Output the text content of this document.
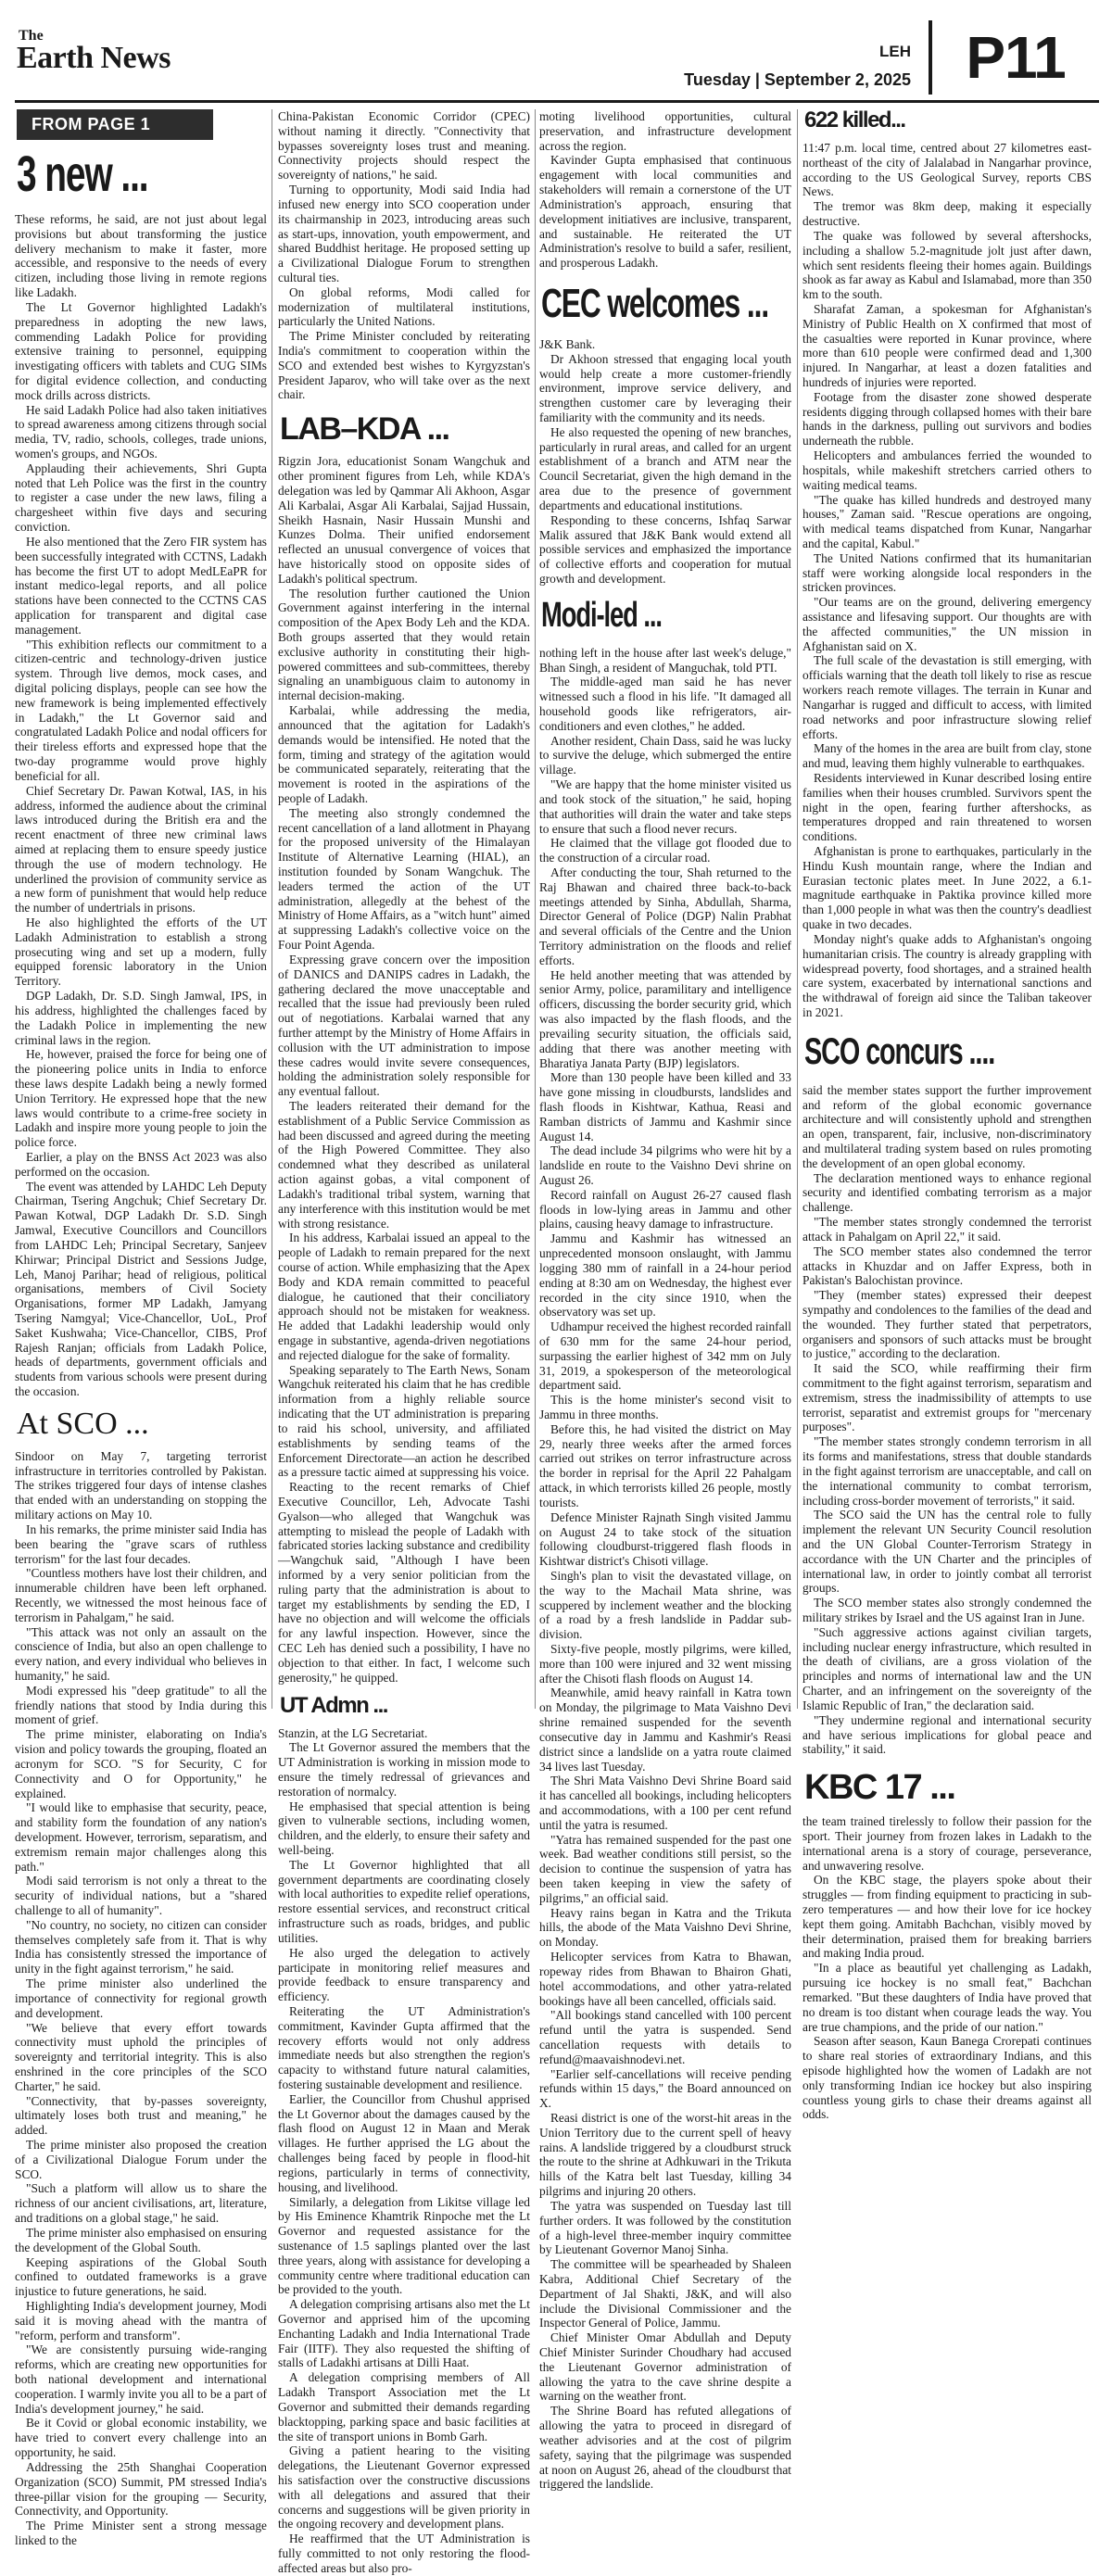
The
Earth News	LEH
Tuesday | September 2, 2025 P11
FROM PAGE 1
3 new ...

These reforms, he said, are not just about legal provisions but about transforming the justice delivery mechanism to make it faster, more accessible, and responsive to the needs of every citizen, including those living in remote regions like Ladakh.

The Lt Governor highlighted Ladakh's preparedness in adopting the new laws, commending Ladakh Police for providing extensive training to personnel, equipping investigating officers with tablets and CUG SIMs for digital evidence collection, and conducting mock drills across districts.

He said Ladakh Police had also taken initiatives to spread awareness among citizens through social media, TV, radio, schools, colleges, trade unions, women's groups, and NGOs.

Applauding their achievements, Shri Gupta noted that Leh Police was the first in the country to register a case under the new laws, filing a chargesheet within five days and securing conviction.

He also mentioned that the Zero FIR system has been successfully integrated with CCTNS, Ladakh has become the first UT to adopt MedLEaPR for instant medico-legal reports, and all police stations have been connected to the CCTNS CAS application for transparent and digital case management.

"This exhibition reflects our commitment to a citizen-centric and technology-driven justice system. Through live demos, mock cases, and digital policing displays, people can see how the new framework is being implemented effectively in Ladakh," the Lt Governor said and congratulated Ladakh Police and nodal officers for their tireless efforts and expressed hope that the two-day programme would prove highly beneficial for all.

Chief Secretary Dr. Pawan Kotwal, IAS, in his address, informed the audience about the criminal laws introduced during the British era and the recent enactment of three new criminal laws aimed at replacing them to ensure speedy justice through the use of modern technology. He underlined the provision of community service as a new form of punishment that would help reduce the number of undertrials in prisons.

He also highlighted the efforts of the UT Ladakh Administration to establish a strong prosecuting wing and set up a modern, fully equipped forensic laboratory in the Union Territory.

DGP Ladakh, Dr. S.D. Singh Jamwal, IPS, in his address, highlighted the challenges faced by the Ladakh Police in implementing the new criminal laws in the region.

He, however, praised the force for being one of the pioneering police units in India to enforce these laws despite Ladakh being a newly formed Union Territory. He expressed hope that the new laws would contribute to a crime-free society in Ladakh and inspire more young people to join the police force.

Earlier, a play on the BNSS Act 2023 was also performed on the occasion.

The event was attended by LAHDC Leh Deputy Chairman, Tsering Angchuk; Chief Secretary Dr. Pawan Kotwal, DGP Ladakh Dr. S.D. Singh Jamwal, Executive Councillors and Councillors from LAHDC Leh; Principal Secretary, Sanjeev Khirwar; Principal District and Sessions Judge, Leh, Manoj Parihar; head of religious, political organisations, members of Civil Society Organisations, former MP Ladakh, Jamyang Tsering Namgyal; Vice-Chancellor, UoL, Prof Saket Kushwaha; Vice-Chancellor, CIBS, Prof Rajesh Ranjan; officials from Ladakh Police, heads of departments, government officials and students from various schools were present during the occasion.

At SCO ...

Sindoor on May 7, targeting terrorist infrastructure in territories controlled by Pakistan. The strikes triggered four days of intense clashes that ended with an understanding on stopping the military actions on May 10.

In his remarks, the prime minister said India has been bearing the "grave scars of ruthless terrorism" for the last four decades.

"Countless mothers have lost their children, and innumerable children have been left orphaned. Recently, we witnessed the most heinous face of terrorism in Pahalgam," he said.

"This attack was not only an assault on the conscience of India, but also an open challenge to every nation, and every individual who believes in humanity," he said.

Modi expressed his "deep gratitude" to all the friendly nations that stood by India during this moment of grief.

The prime minister, elaborating on India's vision and policy towards the grouping, floated an acronym for SCO. "S for Security, C for Connectivity and O for Opportunity," he explained.

"I would like to emphasise that security, peace, and stability form the foundation of any nation's development. However, terrorism, separatism, and extremism remain major challenges along this path."

Modi said terrorism is not only a threat to the security of individual nations, but a "shared challenge to all of humanity".

"No country, no society, no citizen can consider themselves completely safe from it. That is why India has consistently stressed the importance of unity in the fight against terrorism," he said.

The prime minister also underlined the importance of connectivity for regional growth and development.

"We believe that every effort towards connectivity must uphold the principles of sovereignty and territorial integrity. This is also enshrined in the core principles of the SCO Charter," he said.

"Connectivity, that by-passes sovereignty, ultimately loses both trust and meaning," he added.

The prime minister also proposed the creation of a Civilizational Dialogue Forum under the SCO.

"Such a platform will allow us to share the richness of our ancient civilisations, art, literature, and traditions on a global stage," he said.

The prime minister also emphasised on ensuring the development of the Global South.

Keeping aspirations of the Global South confined to outdated frameworks is a grave injustice to future generations, he said.

Highlighting India's development journey, Modi said it is moving ahead with the mantra of "reform, perform and transform".

"We are consistently pursuing wide-ranging reforms, which are creating new opportunities for both national development and international cooperation. I warmly invite you all to be a part of India's development journey," he said.

Be it Covid or global economic instability, we have tried to convert every challenge into an opportunity, he said.

Addressing the 25th Shanghai Cooperation Organization (SCO) Summit, PM stressed India's three-pillar vision for the grouping — Security, Connectivity, and Opportunity.

The Prime Minister sent a strong message linked to the

China-Pakistan Economic Corridor (CPEC) without naming it directly. "Connectivity that bypasses sovereignty loses trust and meaning. Connectivity projects should respect the sovereignty of nations," he said.

Turning to opportunity, Modi said India had infused new energy into SCO cooperation under its chairmanship in 2023, introducing areas such as start-ups, innovation, youth empowerment, and shared Buddhist heritage. He proposed setting up a Civilizational Dialogue Forum to strengthen cultural ties.

On global reforms, Modi called for modernization of multilateral institutions, particularly the United Nations.

The Prime Minister concluded by reiterating India's commitment to cooperation within the SCO and extended best wishes to Kyrgyzstan's President Japarov, who will take over as the next chair.

LAB–KDA ...

Rigzin Jora, educationist Sonam Wangchuk and other prominent figures from Leh, while KDA's delegation was led by Qammar Ali Akhoon, Asgar Ali Karbalai, Asgar Ali Karbalai, Sajjad Hussain, Sheikh Hasnain, Nasir Hussain Munshi and Kunzes Dolma. Their unified endorsement reflected an unusual convergence of voices that have historically stood on opposite sides of Ladakh's political spectrum.

The resolution further cautioned the Union Government against interfering in the internal composition of the Apex Body Leh and the KDA. Both groups asserted that they would retain exclusive authority in constituting their high-powered committees and sub-committees, thereby signaling an unambiguous claim to autonomy in internal decision-making.

Karbalai, while addressing the media, announced that the agitation for Ladakh's demands would be intensified. He noted that the form, timing and strategy of the agitation would be communicated separately, reiterating that the movement is rooted in the aspirations of the people of Ladakh.

The meeting also strongly condemned the recent cancellation of a land allotment in Phayang for the proposed university of the Himalayan Institute of Alternative Learning (HIAL), an institution founded by Sonam Wangchuk. The leaders termed the action of the UT administration, allegedly at the behest of the Ministry of Home Affairs, as a "witch hunt" aimed at suppressing Ladakh's collective voice on the Four Point Agenda.

Expressing grave concern over the imposition of DANICS and DANIPS cadres in Ladakh, the gathering declared the move unacceptable and recalled that the issue had previously been ruled out of negotiations. Karbalai warned that any further attempt by the Ministry of Home Affairs in collusion with the UT administration to impose these cadres would invite severe consequences, holding the administration solely responsible for any eventual fallout.

The leaders reiterated their demand for the establishment of a Public Service Commission as had been discussed and agreed during the meeting of the High Powered Committee. They also condemned what they described as unilateral action against gobas, a vital component of Ladakh's traditional tribal system, warning that any interference with this institution would be met with strong resistance.

In his address, Karbalai issued an appeal to the people of Ladakh to remain prepared for the next course of action. While emphasizing that the Apex Body and KDA remain committed to peaceful dialogue, he cautioned that their conciliatory approach should not be mistaken for weakness. He added that Ladakhi leadership would only engage in substantive, agenda-driven negotiations and rejected dialogue for the sake of formality.

Speaking separately to The Earth News, Sonam Wangchuk reiterated his claim that he has credible information from a highly reliable source indicating that the UT administration is preparing to raid his school, university, and affiliated establishments by sending teams of the Enforcement Directorate—an action he described as a pressure tactic aimed at suppressing his voice.

Reacting to the recent remarks of Chief Executive Councillor, Leh, Advocate Tashi Gyalson—who alleged that Wangchuk was attempting to mislead the people of Ladakh with fabricated stories lacking substance and credibility—Wangchuk said, "Although I have been informed by a very senior politician from the ruling party that the administration is about to target my establishments by sending the ED, I have no objection and will welcome the officials for any lawful inspection. However, since the CEC Leh has denied such a possibility, I have no objection to that either. In fact, I welcome such generosity," he quipped.

UT Admn ...

Stanzin, at the LG Secretariat.

The Lt Governor assured the members that the UT Administration is working in mission mode to ensure the timely redressal of grievances and restoration of normalcy.

He emphasised that special attention is being given to vulnerable sections, including women, children, and the elderly, to ensure their safety and well-being.

The Lt Governor highlighted that all government departments are coordinating closely with local authorities to expedite relief operations, restore essential services, and reconstruct critical infrastructure such as roads, bridges, and public utilities.

He also urged the delegation to actively participate in monitoring relief measures and provide feedback to ensure transparency and efficiency.

Reiterating the UT Administration's commitment, Kavinder Gupta affirmed that the recovery efforts would not only address immediate needs but also strengthen the region's capacity to withstand future natural calamities, fostering sustainable development and resilience.

Earlier, the Councillor from Chushul apprised the Lt Governor about the damages caused by the flash flood on August 12 in Maan and Merak villages. He further apprised the LG about the challenges being faced by people in flood-hit regions, particularly in terms of connectivity, housing, and livelihood.

Similarly, a delegation from Likitse village led by His Eminence Khamtrik Rinpoche met the Lt Governor and requested assistance for the sustenance of 1.5 saplings planted over the last three years, along with assistance for developing a community centre where traditional education can be provided to the youth.

A delegation comprising artisans also met the Lt Governor and apprised him of the upcoming Enchanting Ladakh and India International Trade Fair (IITF). They also requested the shifting of stalls of Ladakhi artisans at Dilli Haat.

A delegation comprising members of All Ladakh Transport Association met the Lt Governor and submitted their demands regarding blacktopping, parking space and basic facilities at the site of transport unions in Bomb Garh.

Giving a patient hearing to the visiting delegations, the Lieutenant Governor expressed his satisfaction over the constructive discussions with all delegations and assured that their concerns and suggestions will be given priority in the ongoing recovery and development plans.

He reaffirmed that the UT Administration is fully committed to not only restoring the flood-affected areas but also pro-

moting livelihood opportunities, cultural preservation, and infrastructure development across the region.

Kavinder Gupta emphasised that continuous engagement with local communities and stakeholders will remain a cornerstone of the UT Administration's approach, ensuring that development initiatives are inclusive, transparent, and sustainable. He reiterated the UT Administration's resolve to build a safer, resilient, and prosperous Ladakh.

CEC welcomes ...

J&K Bank.

Dr Akhoon stressed that engaging local youth would help create a more customer-friendly environment, improve service delivery, and strengthen customer care by leveraging their familiarity with the community and its needs.

He also requested the opening of new branches, particularly in rural areas, and called for an urgent establishment of a branch and ATM near the Council Secretariat, given the high demand in the area due to the presence of government departments and educational institutions.

Responding to these concerns, Ishfaq Sarwar Malik assured that J&K Bank would extend all possible services and emphasized the importance of collective efforts and cooperation for mutual growth and development.

Modi-led ...

nothing left in the house after last week's deluge," Bhan Singh, a resident of Manguchak, told PTI.

The middle-aged man said he has never witnessed such a flood in his life. "It damaged all household goods like refrigerators, air-conditioners and even clothes," he added.

Another resident, Chain Dass, said he was lucky to survive the deluge, which submerged the entire village.

"We are happy that the home minister visited us and took stock of the situation," he said, hoping that authorities will drain the water and take steps to ensure that such a flood never recurs.

He claimed that the village got flooded due to the construction of a circular road.

After conducting the tour, Shah returned to the Raj Bhawan and chaired three back-to-back meetings attended by Sinha, Abdullah, Sharma, Director General of Police (DGP) Nalin Prabhat and several officials of the Centre and the Union Territory administration on the floods and relief efforts.

He held another meeting that was attended by senior Army, police, paramilitary and intelligence officers, discussing the border security grid, which was also impacted by the flash floods, and the prevailing security situation, the officials said, adding that there was another meeting with Bharatiya Janata Party (BJP) legislators.

More than 130 people have been killed and 33 have gone missing in cloudbursts, landslides and flash floods in Kishtwar, Kathua, Reasi and Ramban districts of Jammu and Kashmir since August 14.

The dead include 34 pilgrims who were hit by a landslide en route to the Vaishno Devi shrine on August 26.

Record rainfall on August 26-27 caused flash floods in low-lying areas in Jammu and other plains, causing heavy damage to infrastructure.

Jammu and Kashmir has witnessed an unprecedented monsoon onslaught, with Jammu logging 380 mm of rainfall in a 24-hour period ending at 8:30 am on Wednesday, the highest ever recorded in the city since 1910, when the observatory was set up.

Udhampur received the highest recorded rainfall of 630 mm for the same 24-hour period, surpassing the earlier highest of 342 mm on July 31, 2019, a spokesperson of the meteorological department said.

This is the home minister's second visit to Jammu in three months.

Before this, he had visited the district on May 29, nearly three weeks after the armed forces carried out strikes on terror infrastructure across the border in reprisal for the April 22 Pahalgam attack, in which terrorists killed 26 people, mostly tourists.

Defence Minister Rajnath Singh visited Jammu on August 24 to take stock of the situation following cloudburst-triggered flash floods in Kishtwar district's Chisoti village.

Singh's plan to visit the devastated village, on the way to the Machail Mata shrine, was scuppered by inclement weather and the blocking of a road by a fresh landslide in Paddar sub-division.

Sixty-five people, mostly pilgrims, were killed, more than 100 were injured and 32 went missing after the Chisoti flash floods on August 14.

Meanwhile, amid heavy rainfall in Katra town on Monday, the pilgrimage to Mata Vaishno Devi shrine remained suspended for the seventh consecutive day in Jammu and Kashmir's Reasi district since a landslide on a yatra route claimed 34 lives last Tuesday.

The Shri Mata Vaishno Devi Shrine Board said it has cancelled all bookings, including helicopters and accommodations, with a 100 per cent refund until the yatra is resumed.

"Yatra has remained suspended for the past one week. Bad weather conditions still persist, so the decision to continue the suspension of yatra has been taken keeping in view the safety of pilgrims," an official said.

Heavy rains began in Katra and the Trikuta hills, the abode of the Mata Vaishno Devi Shrine, on Monday.

Helicopter services from Katra to Bhawan, ropeway rides from Bhawan to Bhairon Ghati, hotel accommodations, and other yatra-related bookings have all been cancelled, officials said.

"All bookings stand cancelled with 100 percent refund until the yatra is suspended. Send cancellation requests with details to refund@maavaishnodevi.net.

"Earlier self-cancellations will receive pending refunds within 15 days," the Board announced on X.

Reasi district is one of the worst-hit areas in the Union Territory due to the current spell of heavy rains. A landslide triggered by a cloudburst struck the route to the shrine at Adhkuwari in the Trikuta hills of the Katra belt last Tuesday, killing 34 pilgrims and injuring 20 others.

The yatra was suspended on Tuesday last till further orders. It was followed by the constitution of a high-level three-member inquiry committee by Lieutenant Governor Manoj Sinha.

The committee will be spearheaded by Shaleen Kabra, Additional Chief Secretary of the Department of Jal Shakti, J&K, and will also include the Divisional Commissioner and the Inspector General of Police, Jammu.

Chief Minister Omar Abdullah and Deputy Chief Minister Surinder Choudhary had accused the Lieutenant Governor administration of allowing the yatra to the cave shrine despite a warning on the weather front.

The Shrine Board has refuted allegations of allowing the yatra to proceed in disregard of weather advisories and at the cost of pilgrim safety, saying that the pilgrimage was suspended at noon on August 26, ahead of the cloudburst that triggered the landslide.

622 killed...

11:47 p.m. local time, centred about 27 kilometres east-northeast of the city of Jalalabad in Nangarhar province, according to the US Geological Survey, reports CBS News.

The tremor was 8km deep, making it especially destructive.

The quake was followed by several aftershocks, including a shallow 5.2-magnitude jolt just after dawn, which sent residents fleeing their homes again. Buildings shook as far away as Kabul and Islamabad, more than 350 km to the south.

Sharafat Zaman, a spokesman for Afghanistan's Ministry of Public Health on X confirmed that most of the casualties were reported in Kunar province, where more than 610 people were confirmed dead and 1,300 injured. In Nangarhar, at least a dozen fatalities and hundreds of injuries were reported.

Footage from the disaster zone showed desperate residents digging through collapsed homes with their bare hands in the darkness, pulling out survivors and bodies underneath the rubble.

Helicopters and ambulances ferried the wounded to hospitals, while makeshift stretchers carried others to waiting medical teams.

"The quake has killed hundreds and destroyed many houses," Zaman said. "Rescue operations are ongoing, with medical teams dispatched from Kunar, Nangarhar and the capital, Kabul."

The United Nations confirmed that its humanitarian staff were working alongside local responders in the stricken provinces.

"Our teams are on the ground, delivering emergency assistance and lifesaving support. Our thoughts are with the affected communities," the UN mission in Afghanistan said on X.

The full scale of the devastation is still emerging, with officials warning that the death toll likely to rise as rescue workers reach remote villages. The terrain in Kunar and Nangarhar is rugged and difficult to access, with limited road networks and poor infrastructure slowing relief efforts.

Many of the homes in the area are built from clay, stone and mud, leaving them highly vulnerable to earthquakes.

Residents interviewed in Kunar described losing entire families when their houses crumbled. Survivors spent the night in the open, fearing further aftershocks, as temperatures dropped and rain threatened to worsen conditions.

Afghanistan is prone to earthquakes, particularly in the Hindu Kush mountain range, where the Indian and Eurasian tectonic plates meet. In June 2022, a 6.1-magnitude earthquake in Paktika province killed more than 1,000 people in what was then the country's deadliest quake in two decades.

Monday night's quake adds to Afghanistan's ongoing humanitarian crisis. The country is already grappling with widespread poverty, food shortages, and a strained health care system, exacerbated by international sanctions and the withdrawal of foreign aid since the Taliban takeover in 2021.

SCO concurs ....

said the member states support the further improvement and reform of the global economic governance architecture and will consistently uphold and strengthen an open, transparent, fair, inclusive, non-discriminatory and multilateral trading system based on rules promoting the development of an open global economy.

The declaration mentioned ways to enhance regional security and identified combating terrorism as a major challenge.

"The member states strongly condemned the terrorist attack in Pahalgam on April 22," it said.

The SCO member states also condemned the terror attacks in Khuzdar and on Jaffer Express, both in Pakistan's Balochistan province.

"They (member states) expressed their deepest sympathy and condolences to the families of the dead and the wounded. They further stated that perpetrators, organisers and sponsors of such attacks must be brought to justice," according to the declaration.

It said the SCO, while reaffirming their firm commitment to the fight against terrorism, separatism and extremism, stress the inadmissibility of attempts to use terrorist, separatist and extremist groups for "mercenary purposes".

"The member states strongly condemn terrorism in all its forms and manifestations, stress that double standards in the fight against terrorism are unacceptable, and call on the international community to combat terrorism, including cross-border movement of terrorists," it said.

The SCO said the UN has the central role to fully implement the relevant UN Security Council resolution and the UN Global Counter-Terrorism Strategy in accordance with the UN Charter and the principles of international law, in order to jointly combat all terrorist groups.

The SCO member states also strongly condemned the military strikes by Israel and the US against Iran in June.

"Such aggressive actions against civilian targets, including nuclear energy infrastructure, which resulted in the death of civilians, are a gross violation of the principles and norms of international law and the UN Charter, and an infringement on the sovereignty of the Islamic Republic of Iran," the declaration said.

"They undermine regional and international security and have serious implications for global peace and stability," it said.

KBC 17 ...

the team trained tirelessly to follow their passion for the sport. Their journey from frozen lakes in Ladakh to the international arena is a story of courage, perseverance, and unwavering resolve.

On the KBC stage, the players spoke about their struggles — from finding equipment to practicing in sub-zero temperatures — and how their love for ice hockey kept them going. Amitabh Bachchan, visibly moved by their determination, praised them for breaking barriers and making India proud.

"In a place as beautiful yet challenging as Ladakh, pursuing ice hockey is no small feat," Bachchan remarked. "But these daughters of India have proved that no dream is too distant when courage leads the way. You are true champions, and the pride of our nation."

Season after season, Kaun Banega Crorepati continues to share real stories of extraordinary Indians, and this episode highlighted how the women of Ladakh are not only transforming Indian ice hockey but also inspiring countless young girls to chase their dreams against all odds.
